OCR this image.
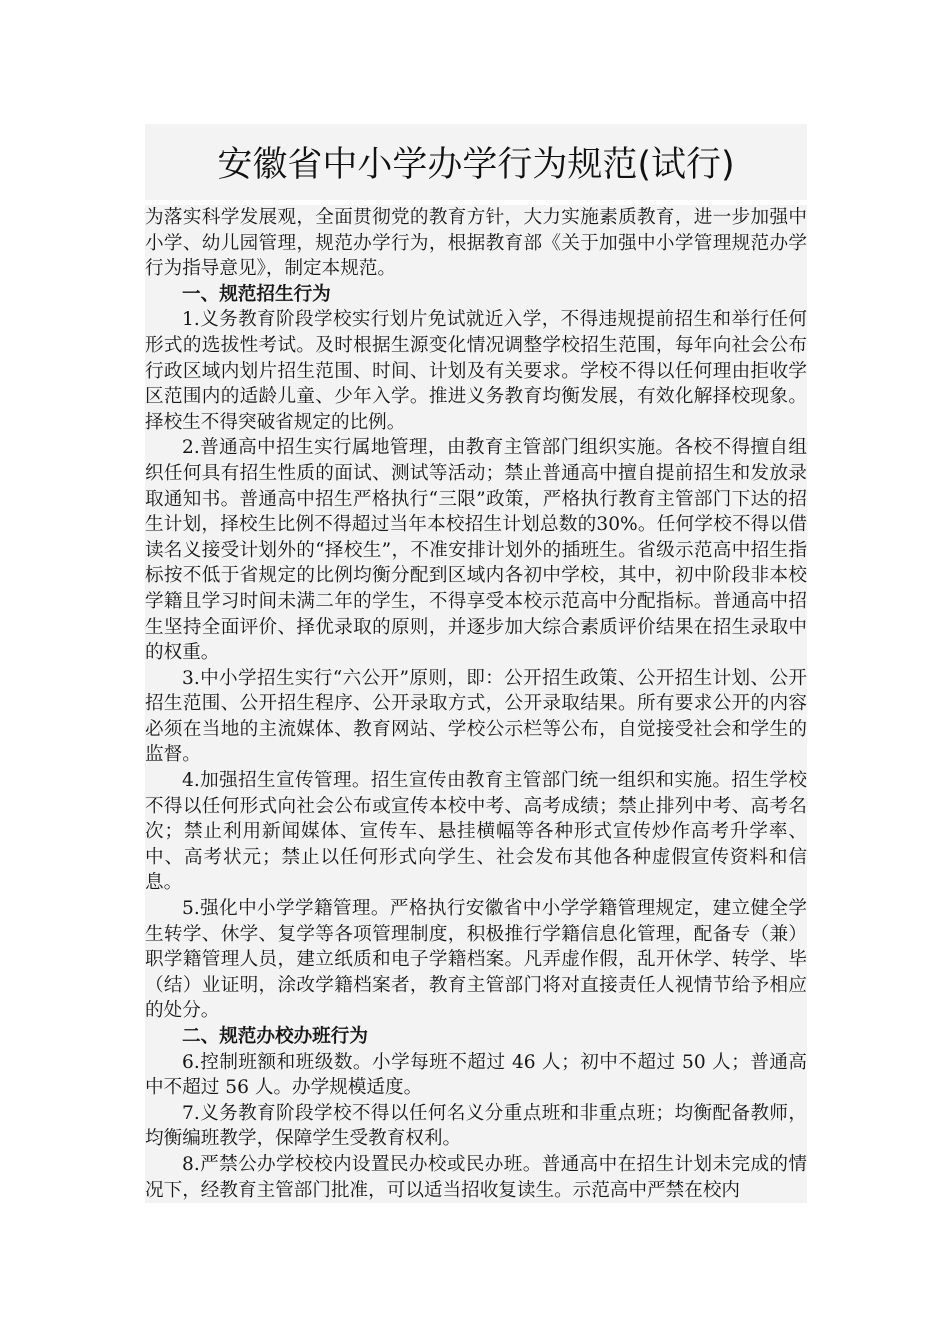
安徽省中小学办学行为规范(试行)

为落实科学发展观，全面贯彻党的教育方针，大力实施素质教育，进一步加强中小学、幼儿园管理，规范办学行为，根据教育部《关于加强中小学管理规范办学行为指导意见》，制定本规范。

一、规范招生行为

1.义务教育阶段学校实行划片免试就近入学，不得违规提前招生和举行任何形式的选拔性考试。及时根据生源变化情况调整学校招生范围，每年向社会公布行政区域内划片招生范围、时间、计划及有关要求。学校不得以任何理由拒收学区范围内的适龄儿童、少年入学。推进义务教育均衡发展，有效化解择校现象。择校生不得突破省规定的比例。

2.普通高中招生实行属地管理，由教育主管部门组织实施。各校不得擅自组织任何具有招生性质的面试、测试等活动；禁止普通高中擅自提前招生和发放录取通知书。普通高中招生严格执行“三限”政策，严格执行教育主管部门下达的招生计划，择校生比例不得超过当年本校招生计划总数的30%。任何学校不得以借读名义接受计划外的“择校生”，不准安排计划外的插班生。省级示范高中招生指标按不低于省规定的比例均衡分配到区域内各初中学校，其中，初中阶段非本校学籍且学习时间未满二年的学生，不得享受本校示范高中分配指标。普通高中招生坚持全面评价、择优录取的原则，并逐步加大综合素质评价结果在招生录取中的权重。

3.中小学招生实行“六公开”原则，即：公开招生政策、公开招生计划、公开招生范围、公开招生程序、公开录取方式，公开录取结果。所有要求公开的内容必须在当地的主流媒体、教育网站、学校公示栏等公布，自觉接受社会和学生的监督。

4.加强招生宣传管理。招生宣传由教育主管部门统一组织和实施。招生学校不得以任何形式向社会公布或宣传本校中考、高考成绩；禁止排列中考、高考名次；禁止利用新闻媒体、宣传车、悬挂横幅等各种形式宣传炒作高考升学率、中、高考状元；禁止以任何形式向学生、社会发布其他各种虚假宣传资料和信息。

5.强化中小学学籍管理。严格执行安徽省中小学学籍管理规定，建立健全学生转学、休学、复学等各项管理制度，积极推行学籍信息化管理，配备专（兼）职学籍管理人员，建立纸质和电子学籍档案。凡弄虚作假，乱开休学、转学、毕（结）业证明，涂改学籍档案者，教育主管部门将对直接责任人视情节给予相应的处分。

二、规范办校办班行为

6.控制班额和班级数。小学每班不超过 46 人；初中不超过 50 人；普通高中不超过 56 人。办学规模适度。

7.义务教育阶段学校不得以任何名义分重点班和非重点班；均衡配备教师，均衡编班教学，保障学生受教育权利。

8.严禁公办学校校内设置民办校或民办班。普通高中在招生计划未完成的情况下，经教育主管部门批准，可以适当招收复读生。示范高中严禁在校内
